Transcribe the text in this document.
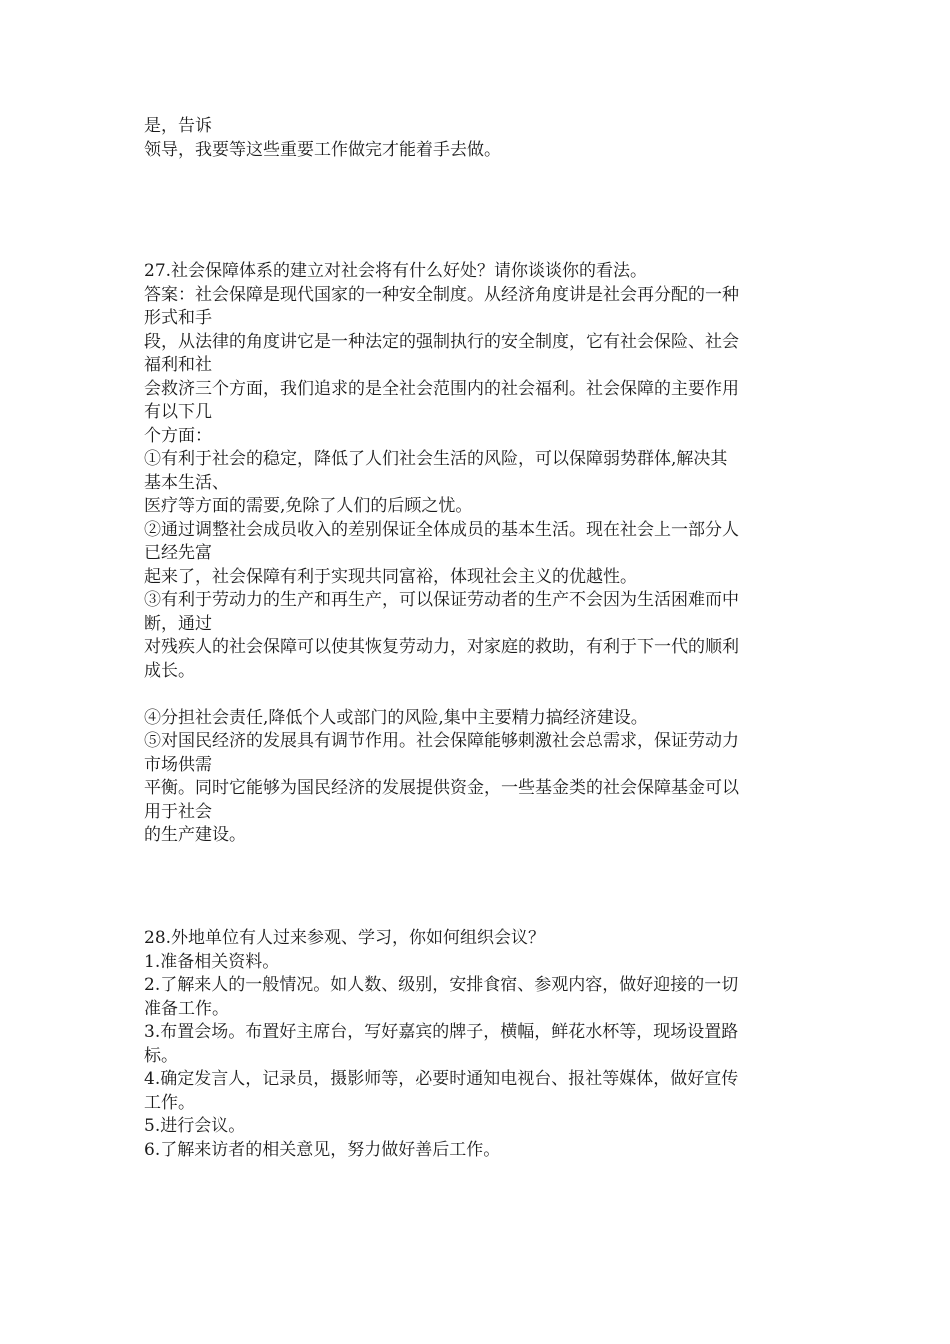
是，告诉
领导，我要等这些重要工作做完才能着手去做。
27.社会保障体系的建立对社会将有什么好处？请你谈谈你的看法。
答案：社会保障是现代国家的一种安全制度。从经济角度讲是社会再分配的一种
形式和手
段，从法律的角度讲它是一种法定的强制执行的安全制度，它有社会保险、社会
福利和社
会救济三个方面，我们追求的是全社会范围内的社会福利。社会保障的主要作用
有以下几
个方面：
①有利于社会的稳定，降低了人们社会生活的风险，可以保障弱势群体,解决其
基本生活、
医疗等方面的需要,免除了人们的后顾之忧。
②通过调整社会成员收入的差别保证全体成员的基本生活。现在社会上一部分人
已经先富
起来了，社会保障有利于实现共同富裕，体现社会主义的优越性。
③有利于劳动力的生产和再生产，可以保证劳动者的生产不会因为生活困难而中
断，通过
对残疾人的社会保障可以使其恢复劳动力，对家庭的救助，有利于下一代的顺利
成长。
④分担社会责任,降低个人或部门的风险,集中主要精力搞经济建设。
⑤对国民经济的发展具有调节作用。社会保障能够刺激社会总需求，保证劳动力
市场供需
平衡。同时它能够为国民经济的发展提供资金，一些基金类的社会保障基金可以
用于社会
的生产建设。
28.外地单位有人过来参观、学习，你如何组织会议？
1.准备相关资料。
2.了解来人的一般情况。如人数、级别，安排食宿、参观内容，做好迎接的一切
准备工作。
3.布置会场。布置好主席台，写好嘉宾的牌子，横幅，鲜花水杯等，现场设置路
标。
4.确定发言人，记录员，摄影师等，必要时通知电视台、报社等媒体，做好宣传
工作。
5.进行会议。
6.了解来访者的相关意见，努力做好善后工作。
